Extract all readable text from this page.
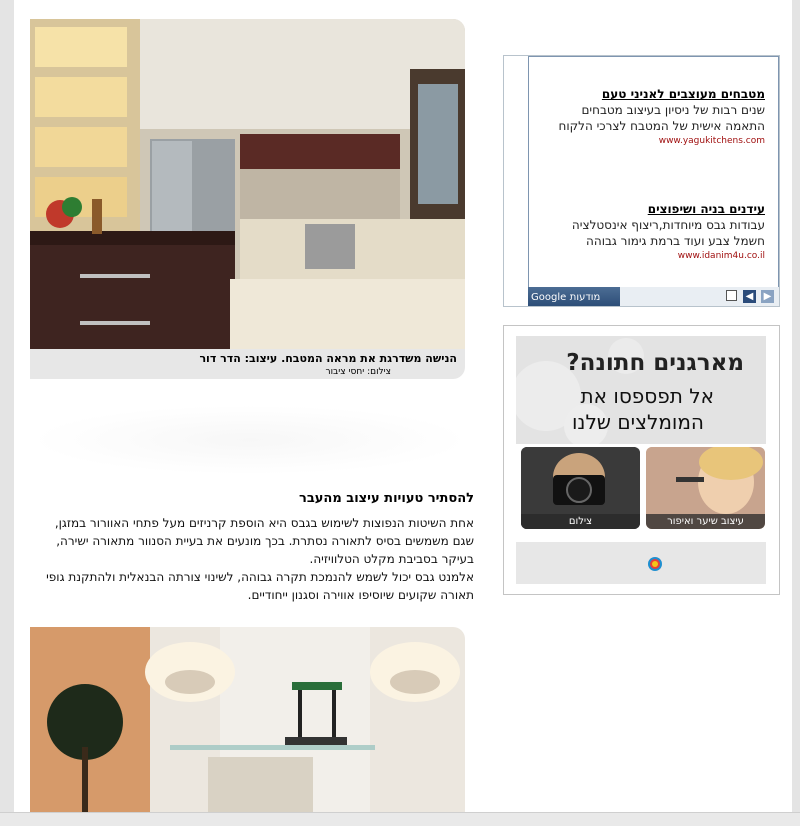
הנישה משדרגת את מראה המטבח. עיצוב: הדר דור
צילום: יחסי ציבור
להסתיר טעויות עיצוב מהעבר
אחת השיטות הנפוצות לשימוש בגבס היא הוספת קרניזים מעל פתחי האוורור במזגן,
שגם משמשים בסיס לתאורה נסתרת. בכך מונעים את בעיית הסנוור מתאורה ישירה,
בעיקר בסביבת מקלט הטלוויזיה.
אלמנט גבס יכול לשמש להנמכת תקרה גבוהה, לשינוי צורתה הבנאלית ולהתקנת גופי
תאורה שקועים שיוסיפו אווירה וסגנון ייחודיים.
מטבחים מעוצבים לאניני טעם
שנים רבות של ניסיון בעיצוב מטבחים
התאמה אישית של המטבח לצרכי הלקוח
www.yagukitchens.com
עידנים בניה ושיפוצים
עבודות גבס מיוחדות,ריצוף אינסטלציה
חשמל צבע ועוד ברמת גימור גבוהה
www.idanim4u.co.il
Google מודעות	◀ ▶
מארגנים חתונה?
אל תפספסו את
המומלצים שלנו
עיצוב שיער ואיפור
צילום
